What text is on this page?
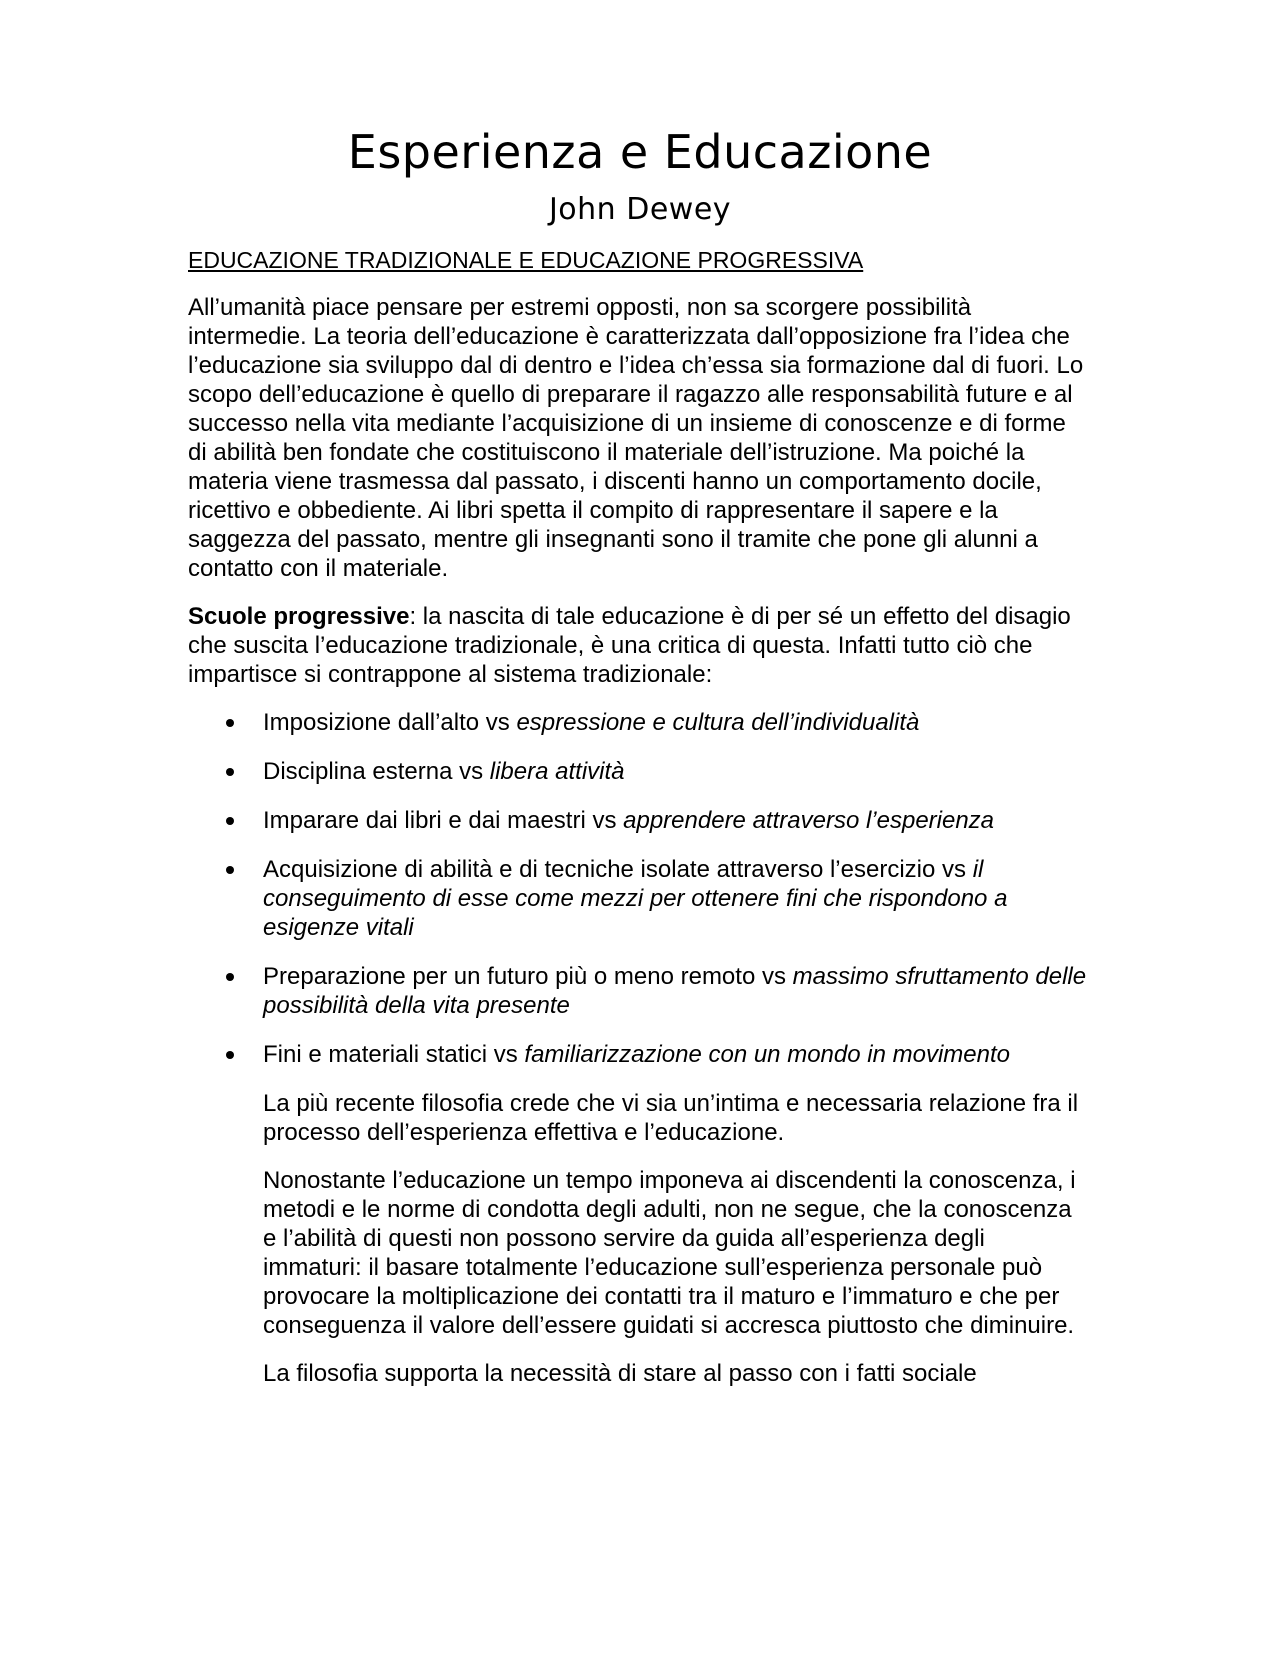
Esperienza e Educazione
John Dewey
EDUCAZIONE TRADIZIONALE E EDUCAZIONE PROGRESSIVA

All’umanità piace pensare per estremi opposti, non sa scorgere possibilità intermedie. La teoria dell’educazione è caratterizzata dall’opposizione fra l’idea che l’educazione sia sviluppo dal di dentro e l’idea ch’essa sia formazione dal di fuori. Lo scopo dell’educazione è quello di preparare il ragazzo alle responsabilità future e al successo nella vita mediante l’acquisizione di un insieme di conoscenze e di forme di abilità ben fondate che costituiscono il materiale dell’istruzione. Ma poiché la materia viene trasmessa dal passato, i discenti hanno un comportamento docile, ricettivo e obbediente. Ai libri spetta il compito di rappresentare il sapere e la saggezza del passato, mentre gli insegnanti sono il tramite che pone gli alunni a contatto con il materiale.

Scuole progressive: la nascita di tale educazione è di per sé un effetto del disagio che suscita l’educazione tradizionale, è una critica di questa. Infatti tutto ciò che impartisce si contrappone al sistema tradizionale:

Imposizione dall’alto vs espressione e cultura dell’individualità
Disciplina esterna vs libera attività
Imparare dai libri e dai maestri vs apprendere attraverso l’esperienza
Acquisizione di abilità e di tecniche isolate attraverso l’esercizio vs il conseguimento di esse come mezzi per ottenere fini che rispondono a esigenze vitali
Preparazione per un futuro più o meno remoto vs massimo sfruttamento delle possibilità della vita presente
Fini e materiali statici vs familiarizzazione con un mondo in movimento

La più recente filosofia crede che vi sia un’intima e necessaria relazione fra il processo dell’esperienza effettiva e l’educazione.

Nonostante l’educazione un tempo imponeva ai discendenti la conoscenza, i metodi e le norme di condotta degli adulti, non ne segue, che la conoscenza e l’abilità di questi non possono servire da guida all’esperienza degli immaturi: il basare totalmente l’educazione sull’esperienza personale può provocare la moltiplicazione dei contatti tra il maturo e l’immaturo e che per conseguenza il valore dell’essere guidati si accresca piuttosto che diminuire.

La filosofia supporta la necessità di stare al passo con i fatti sociale
